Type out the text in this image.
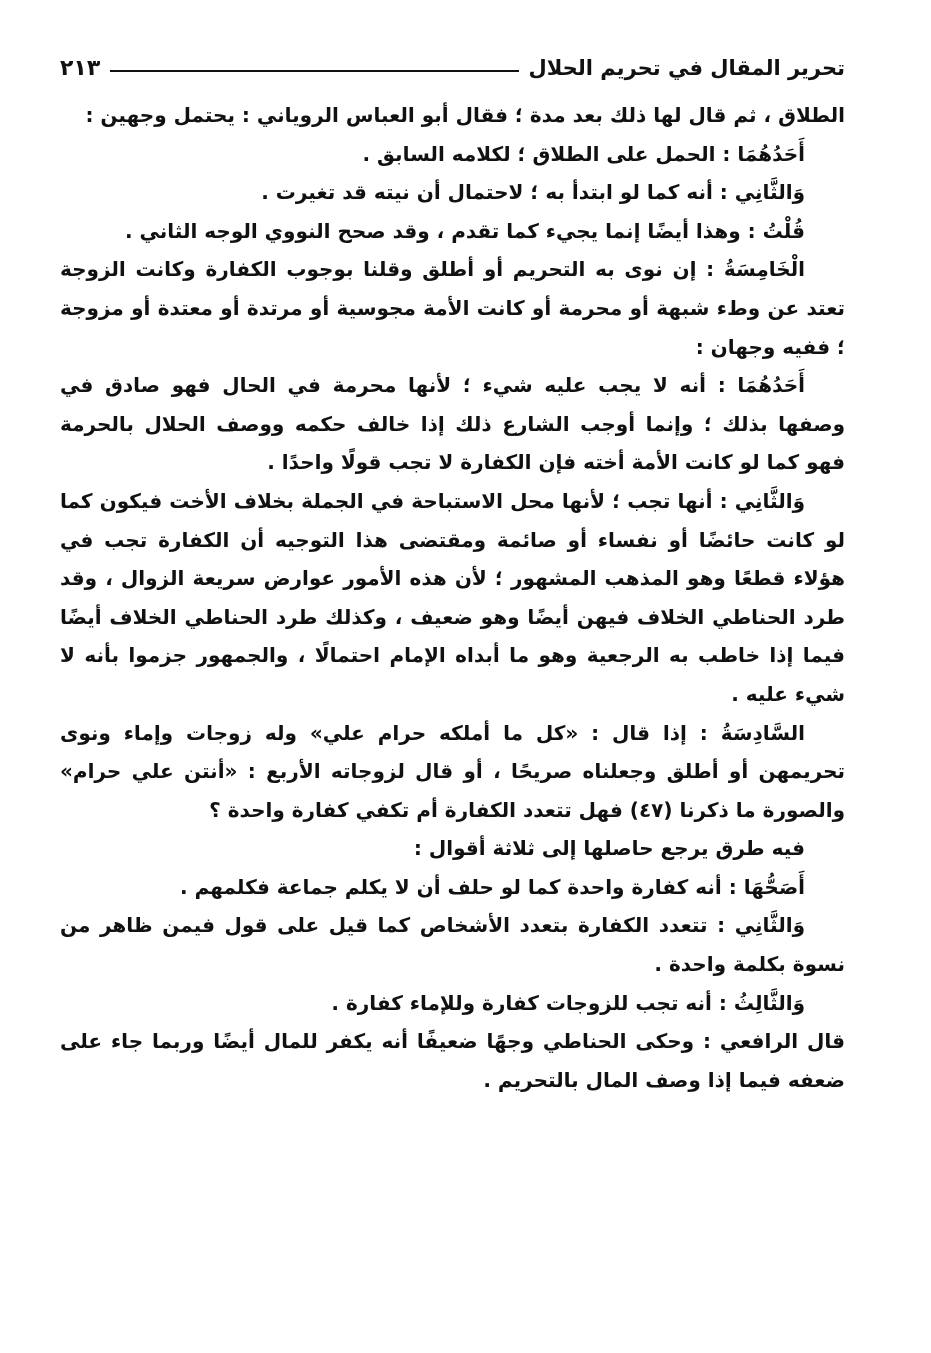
تحرير المقال في تحريم الحلال
٢١٣

الطلاق ، ثم قال لها ذلك بعد مدة ؛ فقال أبو العباس الروياني : يحتمل وجهين :

أَحَدُهُمَا : الحمل على الطلاق ؛ لكلامه السابق .

وَالثَّانِي : أنه كما لو ابتدأ به ؛ لاحتمال أن نيته قد تغيرت .

قُلْتُ : وهذا أيضًا إنما يجيء كما تقدم ، وقد صحح النووي الوجه الثاني .

الْخَامِسَةُ : إن نوى به التحريم أو أطلق وقلنا بوجوب الكفارة وكانت الزوجة تعتد عن وطء شبهة أو محرمة أو كانت الأمة مجوسية أو مرتدة أو معتدة أو مزوجة ؛ ففيه وجهان :

أَحَدُهُمَا : أنه لا يجب عليه شيء ؛ لأنها محرمة في الحال فهو صادق في وصفها بذلك ؛ وإنما أوجب الشارع ذلك إذا خالف حكمه ووصف الحلال بالحرمة فهو كما لو كانت الأمة أخته فإن الكفارة لا تجب قولًا واحدًا .

وَالثَّانِي : أنها تجب ؛ لأنها محل الاستباحة في الجملة بخلاف الأخت فيكون كما لو كانت حائضًا أو نفساء أو صائمة ومقتضى هذا التوجيه أن الكفارة تجب في هؤلاء قطعًا وهو المذهب المشهور ؛ لأن هذه الأمور عوارض سريعة الزوال ، وقد طرد الحناطي الخلاف فيهن أيضًا وهو ضعيف ، وكذلك طرد الحناطي الخلاف أيضًا فيما إذا خاطب به الرجعية وهو ما أبداه الإمام احتمالًا ، والجمهور جزموا بأنه لا شيء عليه .

السَّادِسَةُ : إذا قال : «كل ما أملكه حرام علي» وله زوجات وإماء ونوى تحريمهن أو أطلق وجعلناه صريحًا ، أو قال لزوجاته الأربع : «أنتن علي حرام» والصورة ما ذكرنا (٤٧) فهل تتعدد الكفارة أم تكفي كفارة واحدة ؟

فيه طرق يرجع حاصلها إلى ثلاثة أقوال :

أَصَحُّهَا : أنه كفارة واحدة كما لو حلف أن لا يكلم جماعة فكلمهم .

وَالثَّانِي : تتعدد الكفارة بتعدد الأشخاص كما قيل على قول فيمن ظاهر من نسوة بكلمة واحدة .

وَالثَّالِثُ : أنه تجب للزوجات كفارة وللإماء كفارة .

قال الرافعي : وحكى الحناطي وجهًا ضعيفًا أنه يكفر للمال أيضًا وربما جاء على ضعفه فيما إذا وصف المال بالتحريم .
